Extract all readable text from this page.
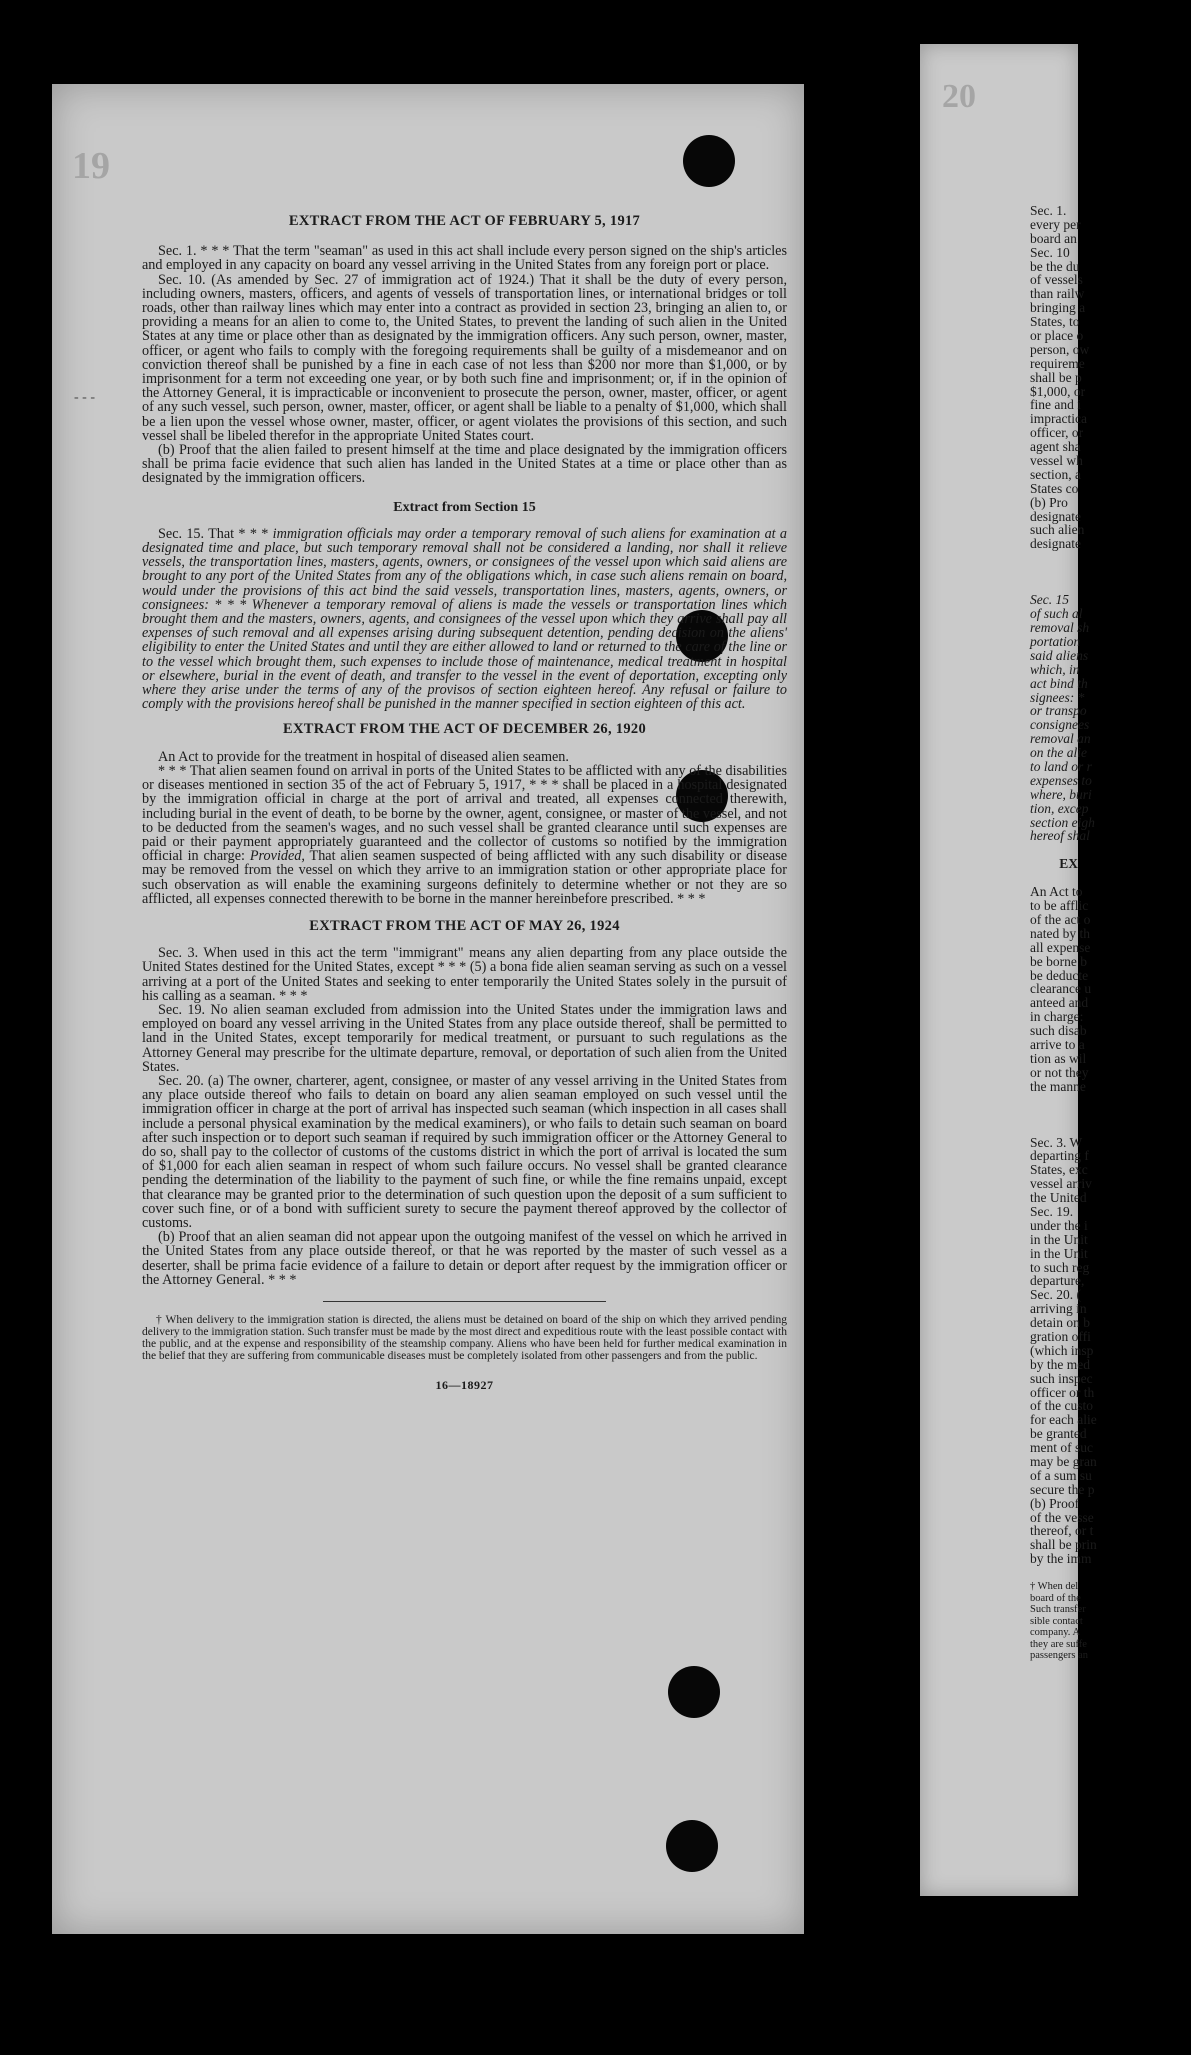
19
- - -
EXTRACT FROM THE ACT OF FEBRUARY 5, 1917

Sec. 1. * * * That the term "seaman" as used in this act shall include every person signed on the ship's articles and employed in any capacity on board any vessel arriving in the United States from any foreign port or place.

Sec. 10. (As amended by Sec. 27 of immigration act of 1924.) That it shall be the duty of every person, including owners, masters, officers, and agents of vessels of transportation lines, or international bridges or toll roads, other than railway lines which may enter into a contract as provided in section 23, bringing an alien to, or providing a means for an alien to come to, the United States, to prevent the landing of such alien in the United States at any time or place other than as designated by the immigration officers. Any such person, owner, master, officer, or agent who fails to comply with the foregoing requirements shall be guilty of a misdemeanor and on conviction thereof shall be punished by a fine in each case of not less than $200 nor more than $1,000, or by imprisonment for a term not exceeding one year, or by both such fine and imprisonment; or, if in the opinion of the Attorney General, it is impracticable or inconvenient to prosecute the person, owner, master, officer, or agent of any such vessel, such person, owner, master, officer, or agent shall be liable to a penalty of $1,000, which shall be a lien upon the vessel whose owner, master, officer, or agent violates the provisions of this section, and such vessel shall be libeled therefor in the appropriate United States court.

(b) Proof that the alien failed to present himself at the time and place designated by the immigration officers shall be prima facie evidence that such alien has landed in the United States at a time or place other than as designated by the immigration officers.

Extract from Section 15

Sec. 15. That * * * immigration officials may order a temporary removal of such aliens for examination at a designated time and place, but such temporary removal shall not be considered a landing, nor shall it relieve vessels, the transportation lines, masters, agents, owners, or consignees of the vessel upon which said aliens are brought to any port of the United States from any of the obligations which, in case such aliens remain on board, would under the provisions of this act bind the said vessels, transportation lines, masters, agents, owners, or consignees: * * * Whenever a temporary removal of aliens is made the vessels or transportation lines which brought them and the masters, owners, agents, and consignees of the vessel upon which they arrive shall pay all expenses of such removal and all expenses arising during subsequent detention, pending decision on the aliens' eligibility to enter the United States and until they are either allowed to land or returned to the care of the line or to the vessel which brought them, such expenses to include those of maintenance, medical treatment in hospital or elsewhere, burial in the event of death, and transfer to the vessel in the event of deportation, excepting only where they arise under the terms of any of the provisos of section eighteen hereof. Any refusal or failure to comply with the provisions hereof shall be punished in the manner specified in section eighteen of this act.

EXTRACT FROM THE ACT OF DECEMBER 26, 1920

An Act to provide for the treatment in hospital of diseased alien seamen.

* * * That alien seamen found on arrival in ports of the United States to be afflicted with any of the disabilities or diseases mentioned in section 35 of the act of February 5, 1917, * * * shall be placed in a hospital designated by the immigration official in charge at the port of arrival and treated, all expenses connected therewith, including burial in the event of death, to be borne by the owner, agent, consignee, or master of the vessel, and not to be deducted from the seamen's wages, and no such vessel shall be granted clearance until such expenses are paid or their payment appropriately guaranteed and the collector of customs so notified by the immigration official in charge: Provided, That alien seamen suspected of being afflicted with any such disability or disease may be removed from the vessel on which they arrive to an immigration station or other appropriate place for such observation as will enable the examining surgeons definitely to determine whether or not they are so afflicted, all expenses connected therewith to be borne in the manner hereinbefore prescribed. * * *

EXTRACT FROM THE ACT OF MAY 26, 1924

Sec. 3. When used in this act the term "immigrant" means any alien departing from any place outside the United States destined for the United States, except * * * (5) a bona fide alien seaman serving as such on a vessel arriving at a port of the United States and seeking to enter temporarily the United States solely in the pursuit of his calling as a seaman. * * *

Sec. 19. No alien seaman excluded from admission into the United States under the immigration laws and employed on board any vessel arriving in the United States from any place outside thereof, shall be permitted to land in the United States, except temporarily for medical treatment, or pursuant to such regulations as the Attorney General may prescribe for the ultimate departure, removal, or deportation of such alien from the United States.

Sec. 20. (a) The owner, charterer, agent, consignee, or master of any vessel arriving in the United States from any place outside thereof who fails to detain on board any alien seaman employed on such vessel until the immigration officer in charge at the port of arrival has inspected such seaman (which inspection in all cases shall include a personal physical examination by the medical examiners), or who fails to detain such seaman on board after such inspection or to deport such seaman if required by such immigration officer or the Attorney General to do so, shall pay to the collector of customs of the customs district in which the port of arrival is located the sum of $1,000 for each alien seaman in respect of whom such failure occurs. No vessel shall be granted clearance pending the determination of the liability to the payment of such fine, or while the fine remains unpaid, except that clearance may be granted prior to the determination of such question upon the deposit of a sum sufficient to cover such fine, or of a bond with sufficient surety to secure the payment thereof approved by the collector of customs.

(b) Proof that an alien seaman did not appear upon the outgoing manifest of the vessel on which he arrived in the United States from any place outside thereof, or that he was reported by the master of such vessel as a deserter, shall be prima facie evidence of a failure to detain or deport after request by the immigration officer or the Attorney General. * * *

† When delivery to the immigration station is directed, the aliens must be detained on board of the ship on which they arrived pending delivery to the immigration station. Such transfer must be made by the most direct and expeditious route with the least possible contact with the public, and at the expense and responsibility of the steamship company. Aliens who have been held for further medical examination in the belief that they are suffering from communicable diseases must be completely isolated from other passengers and from the public.

16—18927
20
Sec. 1.
every per
board an
Sec. 10
be the du
of vessels
than railw
bringing a
States, to
or place o
person, ow
requireme
shall be p
$1,000, or
fine and i
impractica
officer, or
agent sha
vessel wh
section, a
States co
(b) Pro
designate
such alien
designate
Sec. 15
of such al
removal sh
portation
said aliens
which, in
act bind th
signees: *
or transpo
consignees
removal an
on the alie
to land or r
expenses to
where, buri
tion, excep
section eigh
hereof shal
EX
An Act to
to be afflic
of the act o
nated by th
all expense
be borne b
be deducte
clearance u
anteed and
in charge:
such disab
arrive to a
tion as wil
or not they
the manne
Sec. 3. W
departing f
States, exc
vessel arriv
the United
Sec. 19.
under the i
in the Unit
in the Unit
to such reg
departure,
Sec. 20. (
arriving in
detain on b
gration offi
(which insp
by the med
such inspec
officer or th
of the custo
for each alie
be granted
ment of suc
may be gran
of a sum su
secure the p
(b) Proof
of the vesse
thereof, or t
shall be prin
by the imm
† When del
board of the
Such transfer
sible contact
company. A
they are suffe
passengers an
